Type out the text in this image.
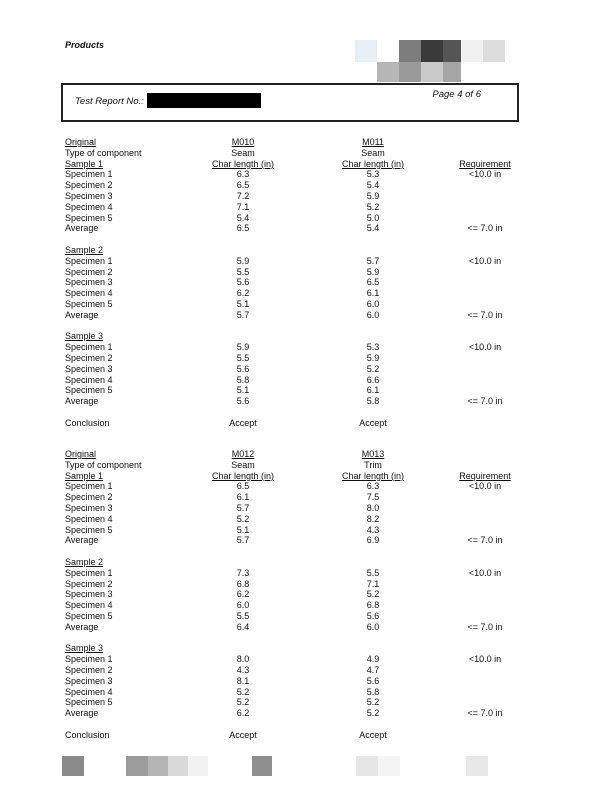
Products
Test Report No.:
Page 4 of 6
Original
Type of component
Sample 1
Specimen 1
Specimen 2
Specimen 3
Specimen 4
Specimen 5
Average
<10.0 in
<= 7.0 in
Sample 2
Specimen 1
Specimen 2
Specimen 3
Specimen 4
Specimen 5
Average
<10.0 in
<= 7.0 in
Sample 3
Specimen 1
Specimen 2
Specimen 3
Specimen 4
Specimen 5
Average
<10.0 in
<= 7.0 in
Requirement
Conclusion
M010
Seam
Char length (in)
6.3
6.5
7.2
7.1
5.4
6.5
5.9
5.5
5.6
6.2
5.1
5.7
5.9
5.5
5.6
5.8
5.1
5.6
Accept
M011
Seam
Char length (in)
5.3
5.4
5.9
5.2
5.0
5.4
5.7
5.9
6.5
6.1
6.0
6.0
5.3
5.9
5.2
6.6
6.1
5.8
Accept
Original
Type of component
Sample 1
Specimen 1
Specimen 2
Specimen 3
Specimen 4
Specimen 5
Average
<10.0 in
<= 7.0 in
Sample 2
Specimen 1
Specimen 2
Specimen 3
Specimen 4
Specimen 5
Average
<10.0 in
<= 7.0 in
Sample 3
Specimen 1
Specimen 2
Specimen 3
Specimen 4
Specimen 5
Average
<10.0 in
<= 7.0 in
Requirement
Conclusion
M012
Seam
Char length (in)
6.5
6.1
5.7
5.2
5.1
5.7
7.3
6.8
6.2
6.0
5.5
6.4
8.0
4.3
8.1
5.2
5.2
6.2
Accept
M013
Trim
Char length (in)
6.3
7.5
8.0
8.2
4.3
6.9
5.5
7.1
5.2
6.8
5.6
6.0
4.9
4.7
5.6
5.8
5.2
5.2
Accept
